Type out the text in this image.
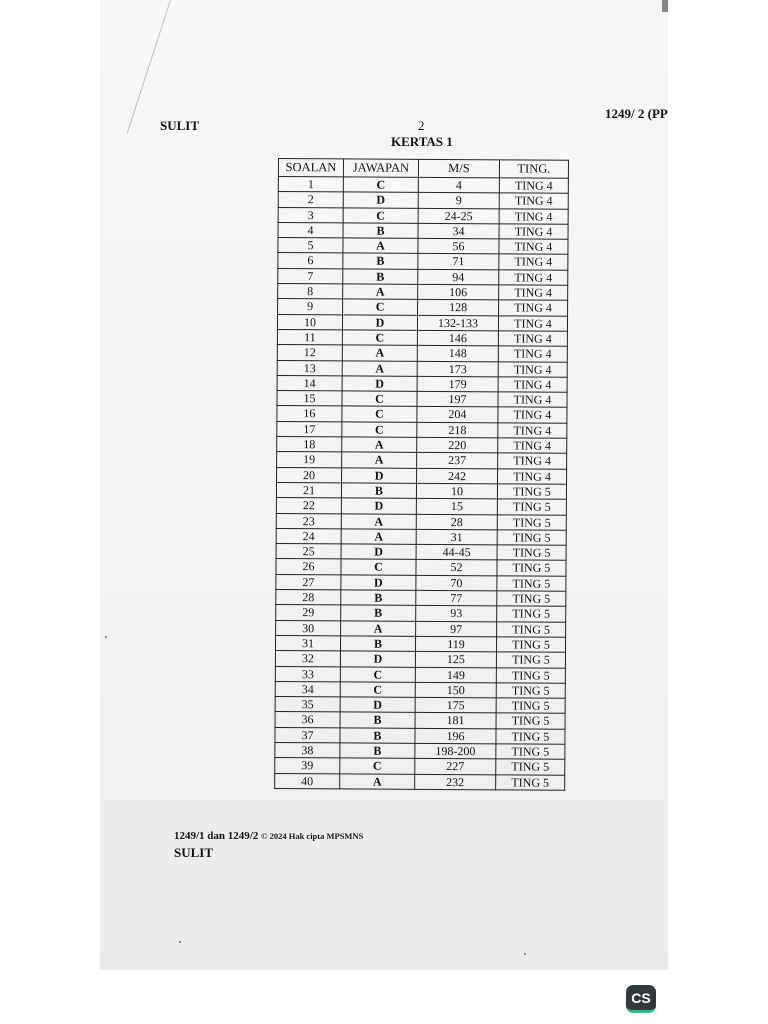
SULIT	2
1249/ 2 (PP
KERTAS 1
SOALAN	JAWAPAN	M/S	TING.
1	C	4	TING 4
2	D	9	TING 4
3	C	24-25	TING 4
4	B	34	TING 4
5	A	56	TING 4
6	B	71	TING 4
7	B	94	TING 4
8	A	106	TING 4
9	C	128	TING 4
10	D	132-133	TING 4
11	C	146	TING 4
12	A	148	TING 4
13	A	173	TING 4
14	D	179	TING 4
15	C	197	TING 4
16	C	204	TING 4
17	C	218	TING 4
18	A	220	TING 4
19	A	237	TING 4
20	D	242	TING 4
21	B	10	TING 5
22	D	15	TING 5
23	A	28	TING 5
24	A	31	TING 5
25	D	44-45	TING 5
26	C	52	TING 5
27	D	70	TING 5
28	B	77	TING 5
29	B	93	TING 5
30	A	97	TING 5
31	B	119	TING 5
32	D	125	TING 5
33	C	149	TING 5
34	C	150	TING 5
35	D	175	TING 5
36	B	181	TING 5
37	B	196	TING 5
38	B	198-200	TING 5
39	C	227	TING 5
40	A	232	TING 5
1249/1 dan 1249/2 © 2024 Hak cipta MPSMNS
SULIT
CS
